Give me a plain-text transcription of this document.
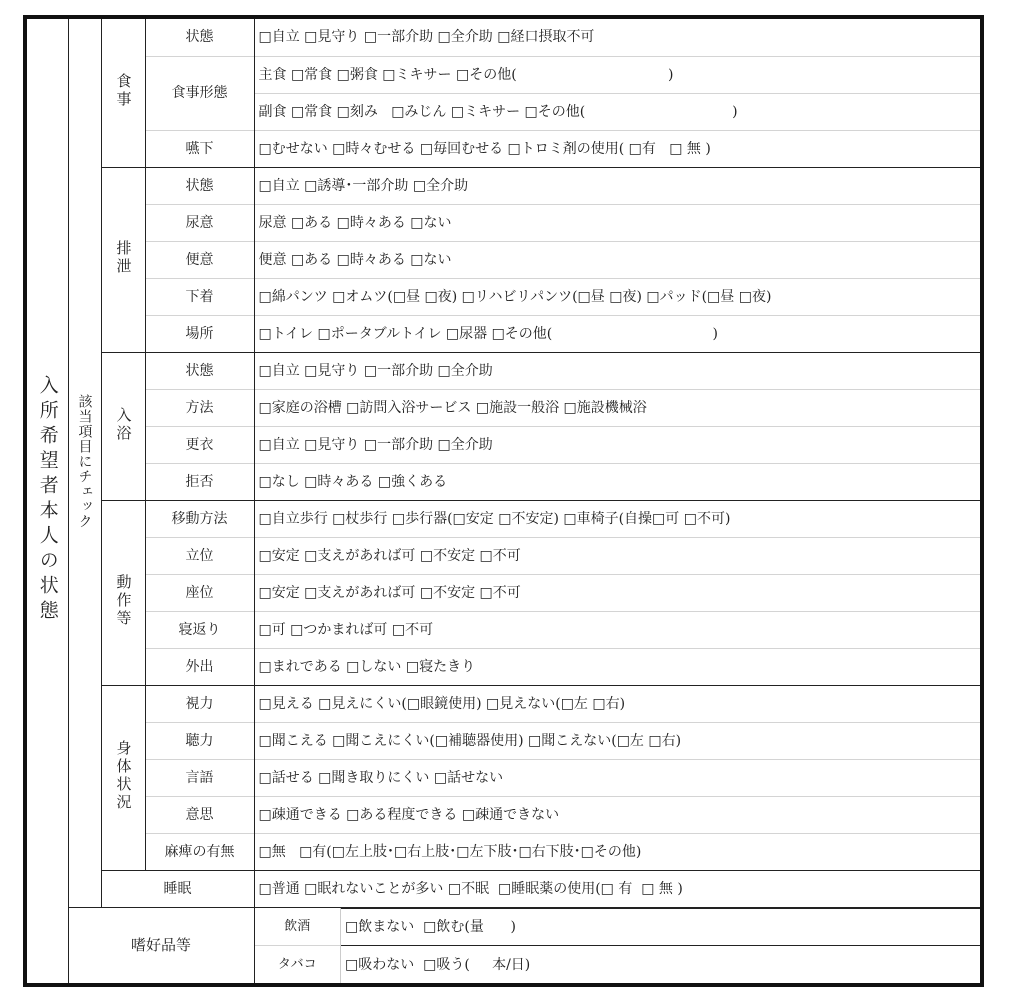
入所希望者本人の状態	該当項目にチェック	食事	状態	□自立 □見守り □一部介助 □全介助 □経口摂取不可
食事形態	主食 □常食 □粥食 □ミキサー □その他(                                  )
副食 □常食 □刻み   □みじん □ミキサー □その他(                                 )
嚥下	□むせない □時々むせる □毎回むせる □トロミ剤の使用( □有   □ 無 )
排泄	状態	□自立 □誘導･一部介助 □全介助
尿意	尿意 □ある □時々ある □ない
便意	便意 □ある □時々ある □ない
下着	□綿パンツ □オムツ(□昼 □夜) □リハビリパンツ(□昼 □夜) □パッド(□昼 □夜)
場所	□トイレ □ポータブルトイレ □尿器 □その他(                                    )
入浴	状態	□自立 □見守り □一部介助 □全介助
方法	□家庭の浴槽 □訪問入浴サービス □施設一般浴 □施設機械浴
更衣	□自立 □見守り □一部介助 □全介助
拒否	□なし □時々ある □強くある
動作等	移動方法	□自立歩行 □杖歩行 □歩行器(□安定 □不安定) □車椅子(自操□可 □不可)
立位	□安定 □支えがあれば可 □不安定 □不可
座位	□安定 □支えがあれば可 □不安定 □不可
寝返り	□可 □つかまれば可 □不可
外出	□まれである □しない □寝たきり
身体状況	視力	□見える □見えにくい(□眼鏡使用) □見えない(□左 □右)
聴力	□聞こえる □聞こえにくい(□補聴器使用) □聞こえない(□左 □右)
言語	□話せる □聞き取りにくい □話せない
意思	□疎通できる □ある程度できる □疎通できない
麻痺の有無	□無   □有(□左上肢･□右上肢･□左下肢･□右下肢･□その他)
睡眠	□普通 □眠れないことが多い □不眠  □睡眠薬の使用(□ 有  □ 無 )
嗜好品等	
飲酒	□飲まない  □飲む(量      )
タバコ	□吸わない  □吸う(     本/日)
